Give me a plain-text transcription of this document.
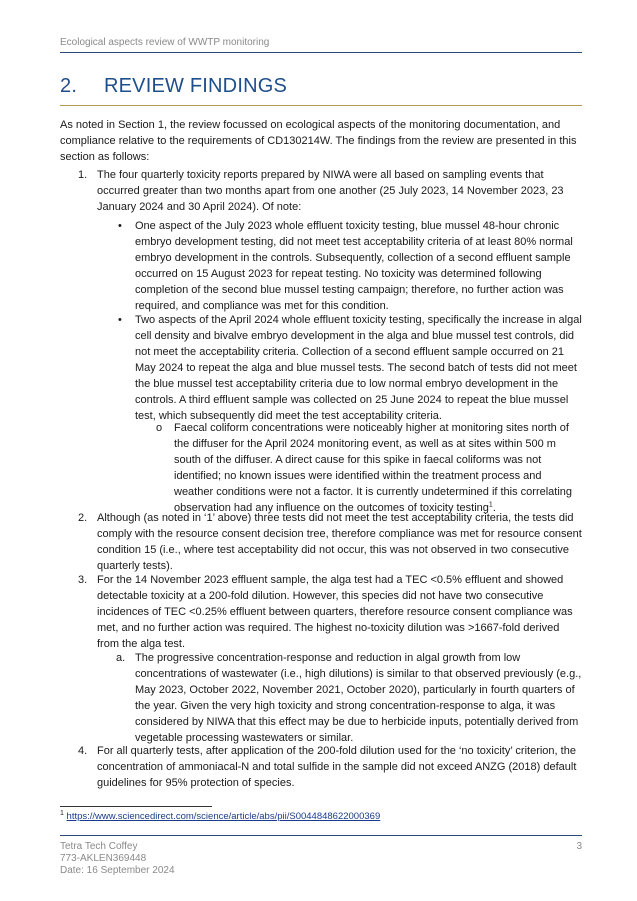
Ecological aspects review of WWTP monitoring
2. REVIEW FINDINGS
As noted in Section 1, the review focussed on ecological aspects of the monitoring documentation, and compliance relative to the requirements of CD130214W. The findings from the review are presented in this section as follows:
1. The four quarterly toxicity reports prepared by NIWA were all based on sampling events that occurred greater than two months apart from one another (25 July 2023, 14 November 2023, 23 January 2024 and 30 April 2024). Of note:
• One aspect of the July 2023 whole effluent toxicity testing, blue mussel 48-hour chronic embryo development testing, did not meet test acceptability criteria of at least 80% normal embryo development in the controls. Subsequently, collection of a second effluent sample occurred on 15 August 2023 for repeat testing. No toxicity was determined following completion of the second blue mussel testing campaign; therefore, no further action was required, and compliance was met for this condition.
• Two aspects of the April 2024 whole effluent toxicity testing, specifically the increase in algal cell density and bivalve embryo development in the alga and blue mussel test controls, did not meet the acceptability criteria. Collection of a second effluent sample occurred on 21 May 2024 to repeat the alga and blue mussel tests. The second batch of tests did not meet the blue mussel test acceptability criteria due to low normal embryo development in the controls. A third effluent sample was collected on 25 June 2024 to repeat the blue mussel test, which subsequently did meet the test acceptability criteria.
o Faecal coliform concentrations were noticeably higher at monitoring sites north of the diffuser for the April 2024 monitoring event, as well as at sites within 500 m south of the diffuser. A direct cause for this spike in faecal coliforms was not identified; no known issues were identified within the treatment process and weather conditions were not a factor. It is currently undetermined if this correlating observation had any influence on the outcomes of toxicity testing$^1$.
2. Although (as noted in ‘1’ above) three tests did not meet the test acceptability criteria, the tests did comply with the resource consent decision tree, therefore compliance was met for resource consent condition 15 (i.e., where test acceptability did not occur, this was not observed in two consecutive quarterly tests).
3. For the 14 November 2023 effluent sample, the alga test had a TEC <0.5% effluent and showed detectable toxicity at a 200-fold dilution. However, this species did not have two consecutive incidences of TEC <0.25% effluent between quarters, therefore resource consent compliance was met, and no further action was required. The highest no-toxicity dilution was >1667-fold derived from the alga test.
a. The progressive concentration-response and reduction in algal growth from low concentrations of wastewater (i.e., high dilutions) is similar to that observed previously (e.g., May 2023, October 2022, November 2021, October 2020), particularly in fourth quarters of the year. Given the very high toxicity and strong concentration-response to alga, it was considered by NIWA that this effect may be due to herbicide inputs, potentially derived from vegetable processing wastewaters or similar.
4. For all quarterly tests, after application of the 200-fold dilution used for the ‘no toxicity’ criterion, the concentration of ammoniacal-N and total sulfide in the sample did not exceed ANZG (2018) default guidelines for 95% protection of species.
$^1$ https://www.sciencedirect.com/science/article/abs/pii/S0044848622000369
Tetra Tech Coffey
773-AKLEN369448
Date: 16 September 2024
3
